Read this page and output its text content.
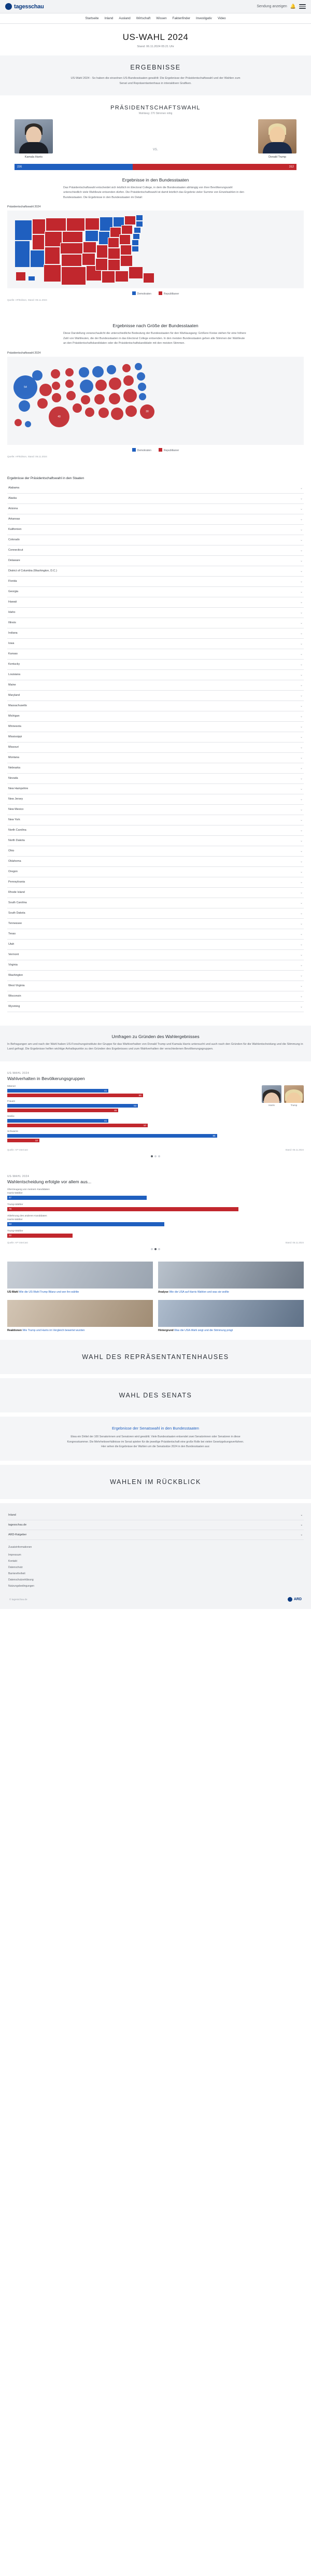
tagesschau	Sendung anzeigen 🔔
Startseite Inland Ausland Wirtschaft Wissen Faktenfinder Investigativ Video
US-WAHL 2024
Stand: 06.11.2024 05:21 Uhr
ERGEBNISSE
US-Wahl 2024 - So haben die einzelnen US-Bundesstaaten gewählt: Die Ergebnisse der Präsidentschaftswahl und der Wahlen zum Senat und Repräsentantenhaus in interaktiven Grafiken.
PRÄSIDENTSCHAFTSWAHL
Wahlsieg: 270 Stimmen nötig
Kamala Harris
vs.
Donald Trump
226	312
Ergebnisse in den Bundesstaaten
Das Präsidentschaftswahl entscheidet sich letztlich im Electoral College, in dem die Bundesstaaten abhängig von ihrer Bevölkerungszahl unterschiedlich viele Wahlleute entsenden dürfen. Die Präsidentschaftswahl ist damit letztlich das Ergebnis vieler Summe von Einzelwahlen in den Bundesstaaten. Die Ergebnisse in den Bundesstaaten im Detail:
Präsidentschaftswahl 2024
Demokraten	Republikaner
Quelle: AP/Edison, Stand: 06.11.2024
Ergebnisse nach Größe der Bundesstaaten
Diese Darstellung veranschaulicht die unterschiedliche Bedeutung der Bundesstaaten für den Wahlausgang: Größere Kreise stehen für eine höhere Zahl von Wahlleuten, die der Bundesstaaten in das Electoral College entsenden. In den meisten Bundesstaaten gehen alle Stimmen der Wahlleute an den Präsidentschaftskandidaten oder die Präsidentschaftskandidatin mit den meisten Stimmen.
Präsidentschaftswahl 2024
54
40
30
Demokraten	Republikaner
Quelle: AP/Edison, Stand: 06.11.2024
Ergebnisse der Präsidentschaftswahl in den Staaten
Alabama	⌄
Alaska	⌄
Arizona	⌄
Arkansas	⌄
Kalifornien	⌄
Colorado	⌄
Connecticut	⌄
Delaware	⌄
District of Columbia (Washington, D.C.)	⌄
Florida	⌄
Georgia	⌄
Hawaii	⌄
Idaho	⌄
Illinois	⌄
Indiana	⌄
Iowa	⌄
Kansas	⌄
Kentucky	⌄
Louisiana	⌄
Maine	⌄
Maryland	⌄
Massachusetts	⌄
Michigan	⌄
Minnesota	⌄
Mississippi	⌄
Missouri	⌄
Montana	⌄
Nebraska	⌄
Nevada	⌄
New Hampshire	⌄
New Jersey	⌄
New Mexico	⌄
New York	⌄
North Carolina	⌄
North Dakota	⌄
Ohio	⌄
Oklahoma	⌄
Oregon	⌄
Pennsylvania	⌄
Rhode Island	⌄
South Carolina	⌄
South Dakota	⌄
Tennessee	⌄
Texas	⌄
Utah	⌄
Vermont	⌄
Virginia	⌄
Washington	⌄
West Virginia	⌄
Wisconsin	⌄
Wyoming	⌄
Umfragen zu Gründen des Wahlergebnisses
In Befragungen am und nach der Wahl haben US-Forschungsinstitute der Gruppe für das Wahlverhalten von Donald Trump und Kamala Harris untersucht und auch nach den Gründen für die Wahlentscheidung und die Stimmung in Land gefragt. Die Ergebnisse helfen wichtige Anhaltspunkte zu den Gründen des Ergebnisses und zum Wahlverhalten der verschiedenen Bevölkerungsgruppen.
US-WAHL 2024
Wahlverhalten in Bevölkerungsgruppen
Männer
41
55
Frauen
53
45
Weiße
41
57
Schwarze
85
13
Harris	Trump
Quelle: AP VoteCast	Stand: 06.11.2024
US-WAHL 2024
Wahlentscheidung erfolgte vor allem aus...
Überzeugung von meinem Kandidaten
Harris-Wähler
47
Trump-Wähler
78
Ablehnung des anderen Kandidaten
Harris-Wähler
53
Trump-Wähler
22
Quelle: AP VoteCast	Stand: 06.11.2024
US-Wahl Wie die US-Wahl Trump Bilanz und wer ihn wählte	Analyse Wie die USA auf Harris Wahlen und was sie wollte
Reaktionen Wie Trump und Harris im Vergleich bewertet wurden	Hintergrund Was die USA-Wahl zeigt und die Stimmung prägt
WAHL DES REPRÄSENTANTENHAUSES
WAHL DES SENATS
Ergebnisse der Senatswahl in den Bundesstaaten

Etwa ein Drittel der 100 Senatorinnen und Senatoren wird gewählt. Viele Bundesstaaten entsendet zwei Senatorinnen oder Senatoren in diese Kongresskammer. Die Mehrheitsverhältnisse im Senat spielen für die jeweilige Präsidentschaft eine große Rolle bei vielen Gesetzgebungsverfahren. Hier sehen die Ergebnisse der Wahlen um die Senatssitze 2024 in den Bundesstaaten aus:

WAHLEN IM RÜCKBLICK
Inland	⌄
tagesschau.de	⌄
ARD-Ratgeber	⌄
Zusatzinformationen
Impressum
Kontakt
Datenschutz
Barrierefreiheit
Datenschutzerklärung
Nutzungsbedingungen
© tagesschau.de	ARD
